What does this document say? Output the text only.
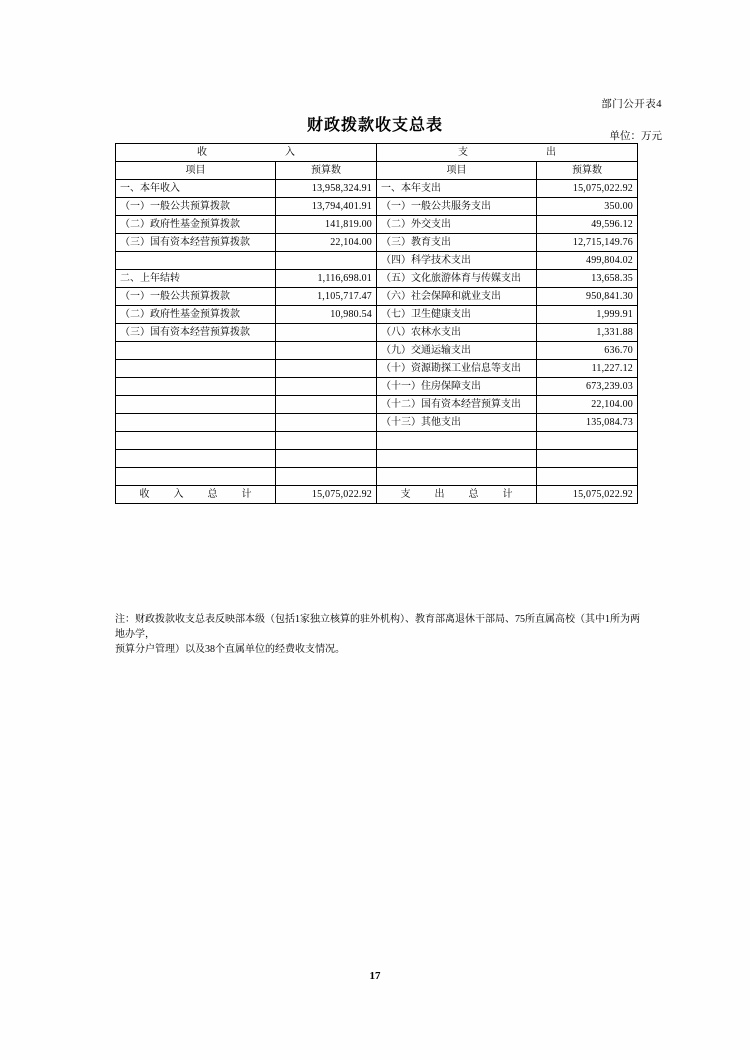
部门公开表4
财政拨款收支总表
单位：万元
收　　　入		支　　　出	
项目	预算数	项目	预算数
一、本年收入	13,958,324.91	一、本年支出	15,075,022.92
（一）一般公共预算拨款	13,794,401.91	（一）一般公共服务支出	350.00
（二）政府性基金预算拨款	141,819.00	（二）外交支出	49,596.12
（三）国有资本经营预算拨款	22,104.00	（三）教育支出	12,715,149.76
		（四）科学技术支出	499,804.02
二、上年结转	1,116,698.01	（五）文化旅游体育与传媒支出	13,658.35
（一）一般公共预算拨款	1,105,717.47	（六）社会保障和就业支出	950,841.30
（二）政府性基金预算拨款	10,980.54	（七）卫生健康支出	1,999.91
（三）国有资本经营预算拨款		（八）农林水支出	1,331.88
		（九）交通运输支出	636.70
		（十）资源勘探工业信息等支出	11,227.12
		（十一）住房保障支出	673,239.03
		（十二）国有资本经营预算支出	22,104.00
		（十三）其他支出	135,084.73

收　入　总　计	15,075,022.92	支　出　总　计	15,075,022.92
注：财政拨款收支总表反映部本级（包括1家独立核算的驻外机构）、教育部离退休干部局、75所直属高校（其中1所为两地办学，
预算分户管理）以及38个直属单位的经费收支情况。
17
